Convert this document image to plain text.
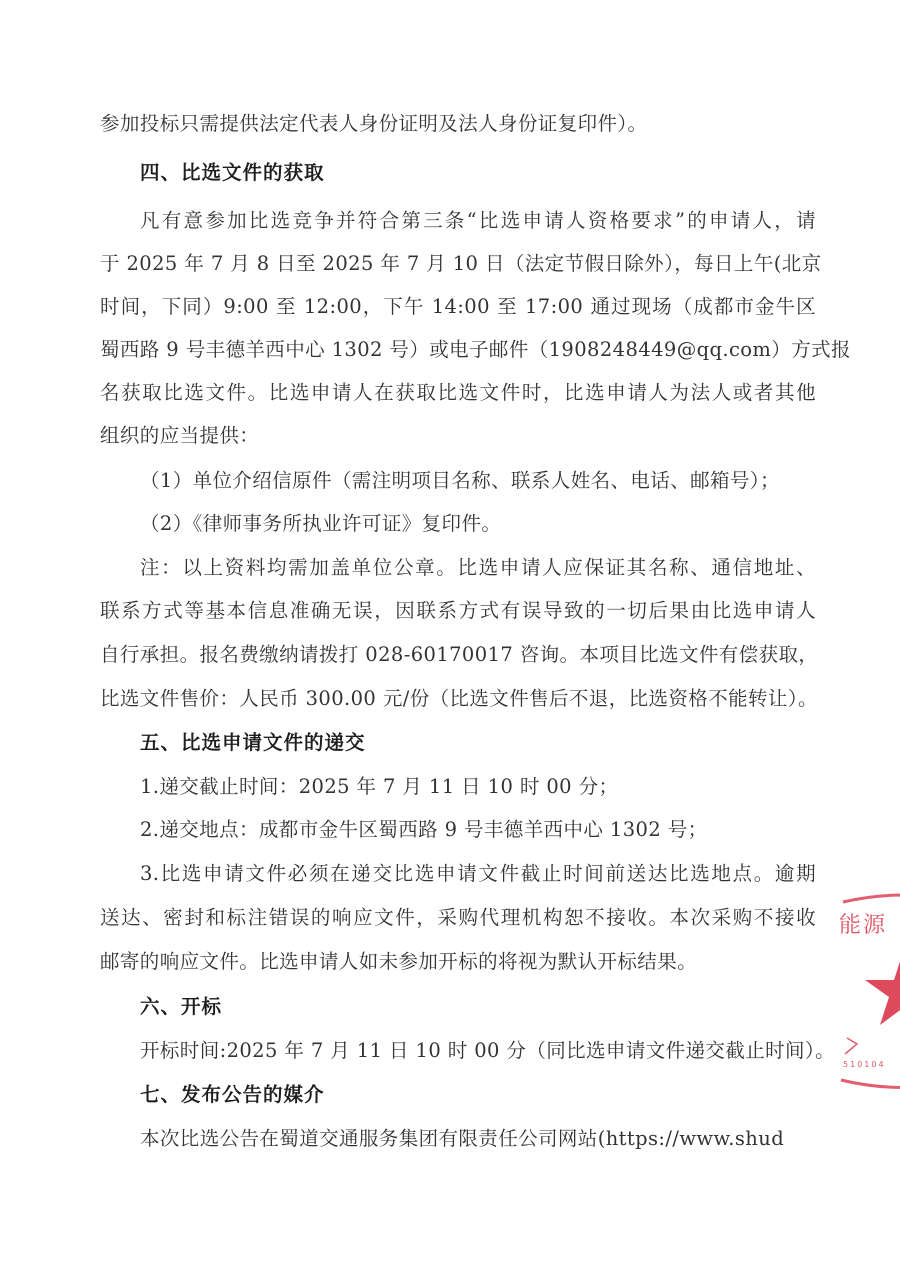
参加投标只需提供法定代表人身份证明及法人身份证复印件）。
四、比选文件的获取
凡有意参加比选竞争并符合第三条“比选申请人资格要求”的申请人，请
于 2025 年 7 月 8 日至 2025 年 7 月 10 日（法定节假日除外），每日上午(北京
时间，下同）9:00 至 12:00，下午 14:00 至 17:00 通过现场（成都市金牛区
蜀西路 9 号丰德羊西中心 1302 号）或电子邮件（1908248449@qq.com）方式报
名获取比选文件。比选申请人在获取比选文件时，比选申请人为法人或者其他
组织的应当提供：
（1）单位介绍信原件（需注明项目名称、联系人姓名、电话、邮箱号）；
（2）《律师事务所执业许可证》复印件。
注：以上资料均需加盖单位公章。比选申请人应保证其名称、通信地址、
联系方式等基本信息准确无误，因联系方式有误导致的一切后果由比选申请人
自行承担。报名费缴纳请拨打 028-60170017 咨询。本项目比选文件有偿获取，
比选文件售价：人民币 300.00 元/份（比选文件售后不退，比选资格不能转让）。
五、比选申请文件的递交
1.递交截止时间：2025 年 7 月 11 日 10 时 00 分；
2.递交地点：成都市金牛区蜀西路 9 号丰德羊西中心 1302 号；
3.比选申请文件必须在递交比选申请文件截止时间前送达比选地点。逾期
送达、密封和标注错误的响应文件，采购代理机构恕不接收。本次采购不接收
邮寄的响应文件。比选申请人如未参加开标的将视为默认开标结果。
六、开标
开标时间:2025 年 7 月 11 日 10 时 00 分（同比选申请文件递交截止时间）。
七、发布公告的媒介
本次比选公告在蜀道交通服务集团有限责任公司网站(https://www.shud
能源
510104
